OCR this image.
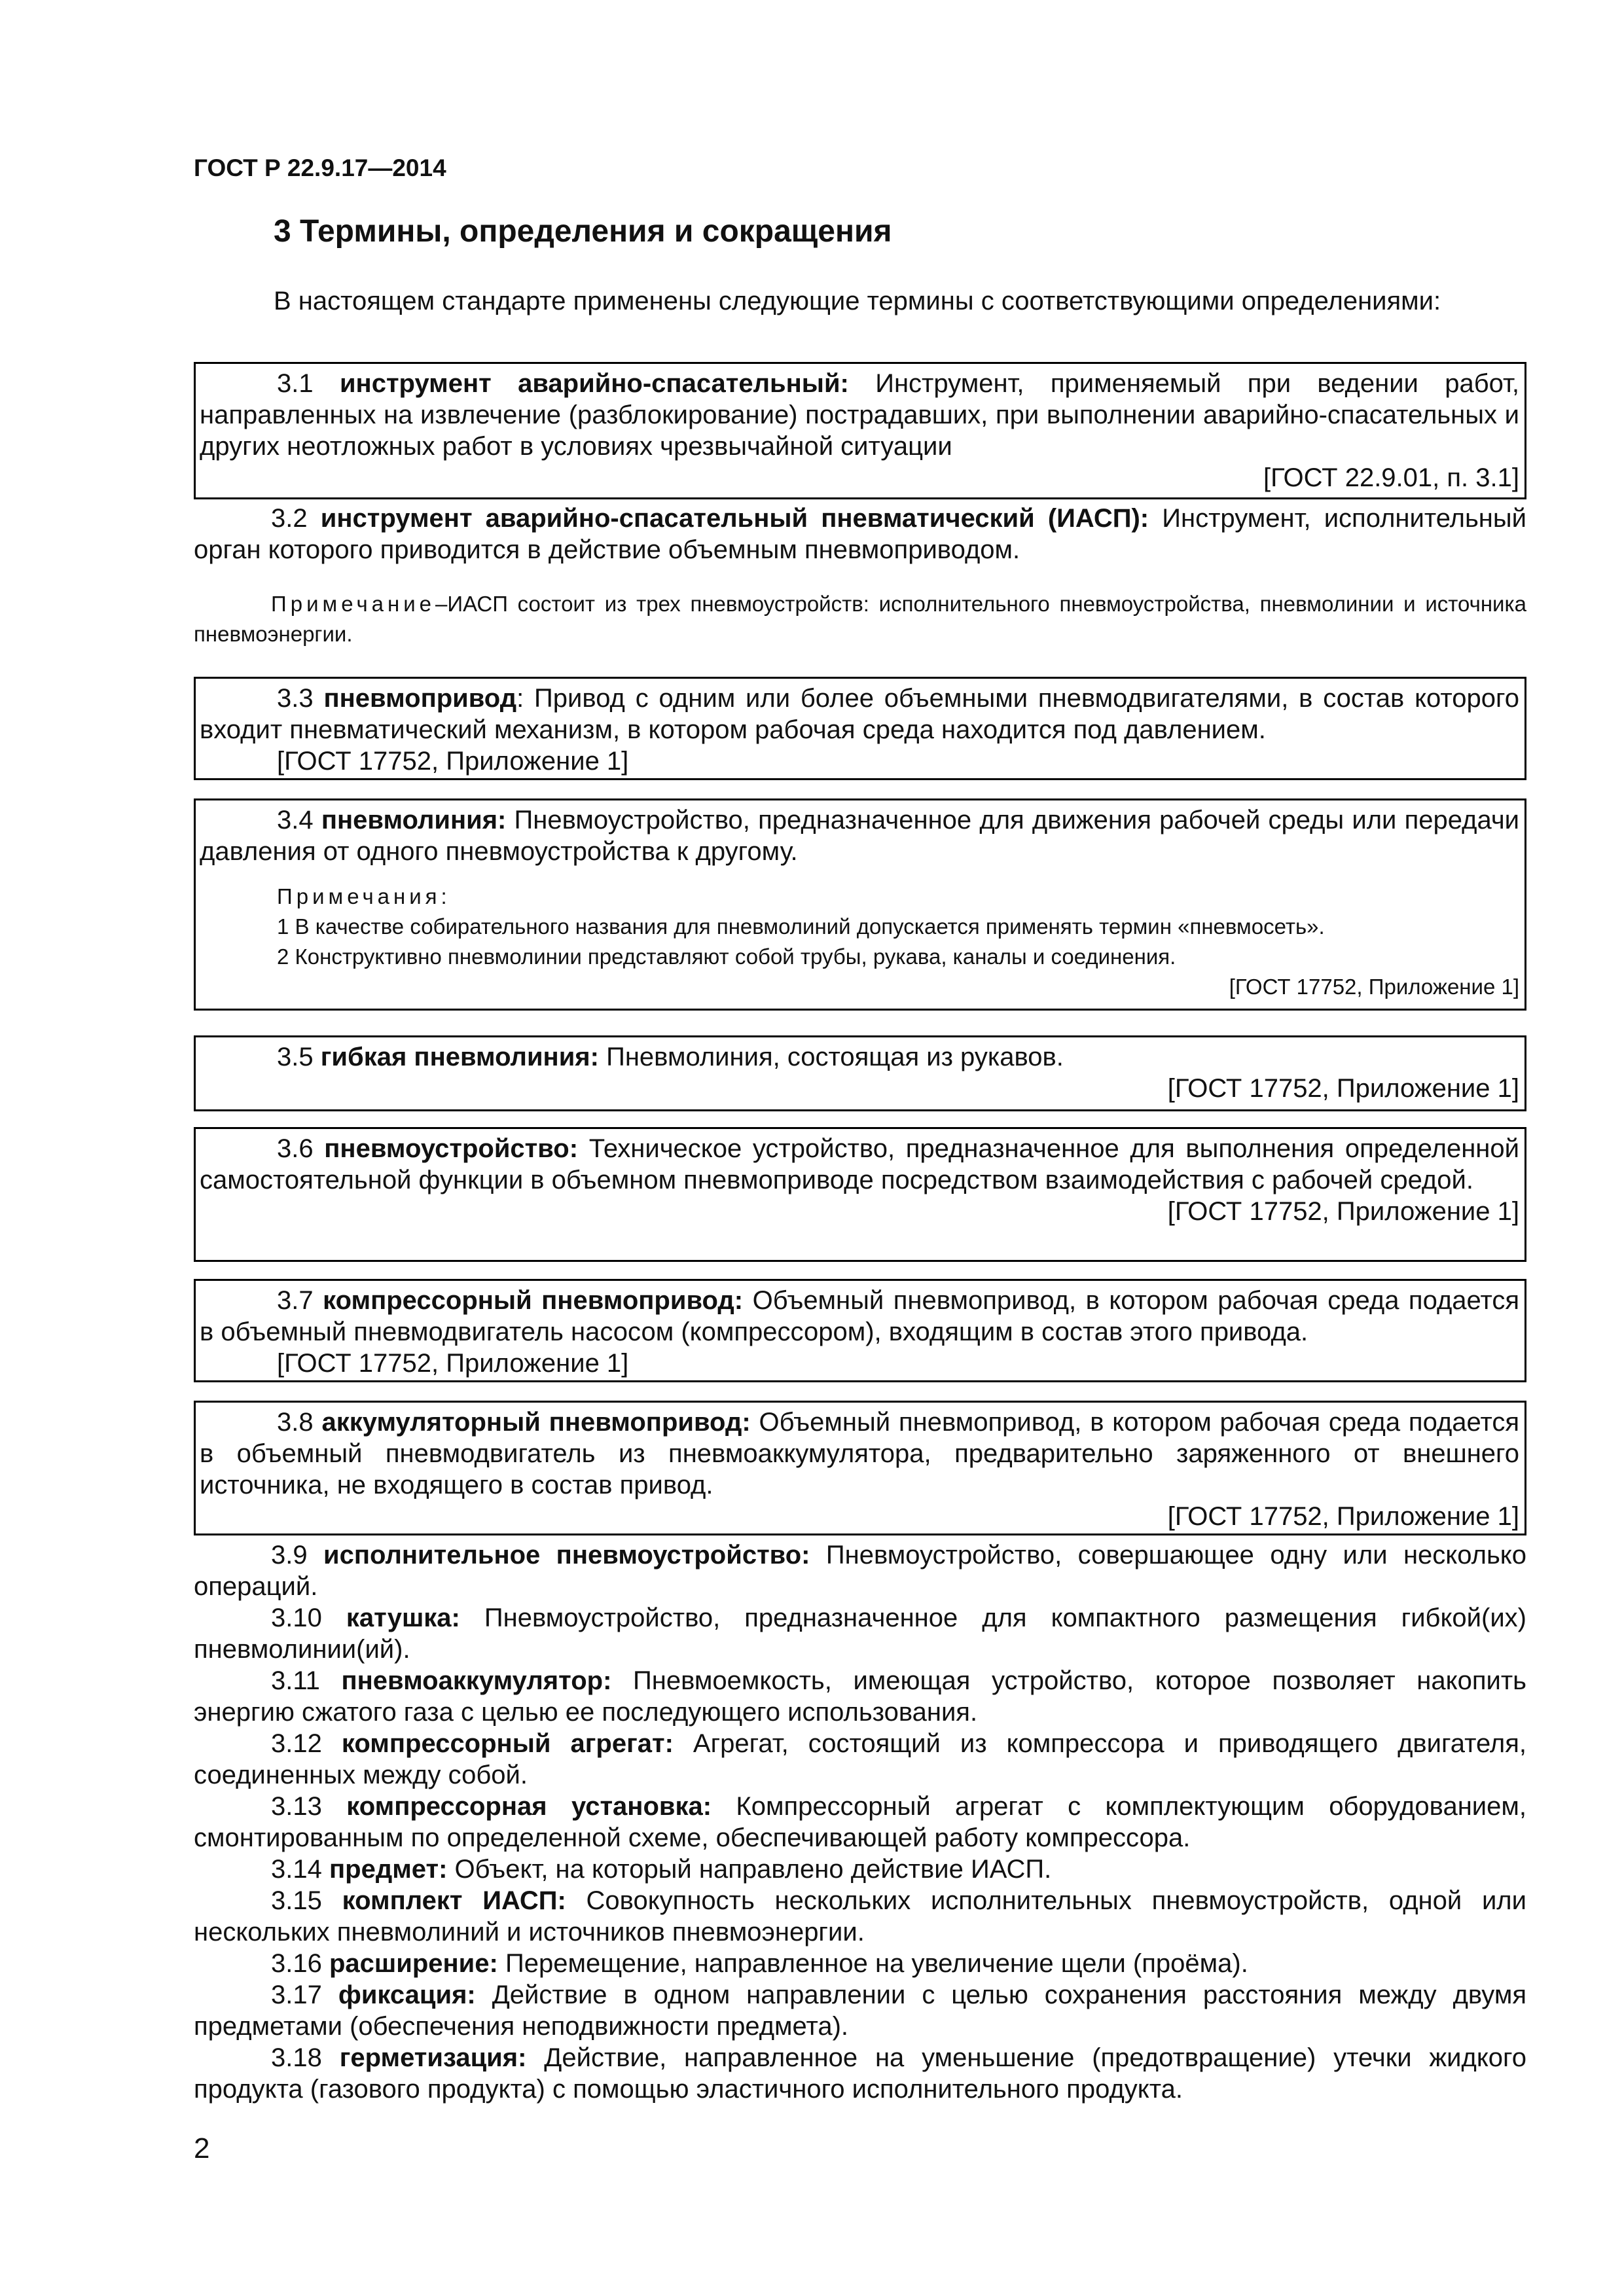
ГОСТ Р 22.9.17—2014
3 Термины, определения и сокращения
В настоящем стандарте применены следующие термины с соответствующими определениями:
3.1 инструмент аварийно-спасательный: Инструмент, применяемый при ведении работ, направленных на извлечение (разблокирование) пострадавших, при выполнении аварийно-спасательных и других неотложных работ в условиях чрезвычайной ситуации
[ГОСТ 22.9.01, п. 3.1]
3.2 инструмент аварийно-спасательный пневматический (ИАСП): Инструмент, исполнительный орган которого приводится в действие объемным пневмоприводом.
Примечание–ИАСП состоит из трех пневмоустройств: исполнительного пневмоустройства, пневмолинии и источника пневмоэнергии.
3.3 пневмопривод: Привод с одним или более объемными пневмодвигателями, в состав которого входит пневматический механизм, в котором рабочая среда находится под давлением.
[ГОСТ 17752, Приложение 1]
3.4 пневмолиния: Пневмоустройство, предназначенное для движения рабочей среды или передачи давления от одного пневмоустройства к другому.
Примечания:
1 В качестве собирательного названия для пневмолиний допускается применять термин «пневмосеть».
2 Конструктивно пневмолинии представляют собой трубы, рукава, каналы и соединения.
[ГОСТ 17752, Приложение 1]
3.5 гибкая пневмолиния: Пневмолиния, состоящая из рукавов.
[ГОСТ 17752, Приложение 1]
3.6 пневмоустройство: Техническое устройство, предназначенное для выполнения определенной самостоятельной функции в объемном пневмоприводе посредством взаимодействия с рабочей средой.
[ГОСТ 17752, Приложение 1]
3.7 компрессорный пневмопривод: Объемный пневмопривод, в котором рабочая среда подается в объемный пневмодвигатель насосом (компрессором), входящим в состав этого привода.
[ГОСТ 17752, Приложение 1]
3.8 аккумуляторный пневмопривод: Объемный пневмопривод, в котором рабочая среда подается в объемный пневмодвигатель из пневмоаккумулятора, предварительно заряженного от внешнего источника, не входящего в состав привод.
[ГОСТ 17752, Приложение 1]
3.9 исполнительное пневмоустройство: Пневмоустройство, совершающее одну или несколько операций.
3.10 катушка: Пневмоустройство, предназначенное для компактного размещения гибкой(их) пневмолинии(ий).
3.11 пневмоаккумулятор: Пневмоемкость, имеющая устройство, которое позволяет накопить энергию сжатого газа с целью ее последующего использования.
3.12 компрессорный агрегат: Агрегат, состоящий из компрессора и приводящего двигателя, соединенных между собой.
3.13 компрессорная установка: Компрессорный агрегат с комплектующим оборудованием, смонтированным по определенной схеме, обеспечивающей работу компрессора.
3.14 предмет: Объект, на который направлено действие ИАСП.
3.15 комплект ИАСП: Совокупность нескольких исполнительных пневмоустройств, одной или нескольких пневмолиний и источников пневмоэнергии.
3.16 расширение: Перемещение, направленное на увеличение щели (проёма).
3.17 фиксация: Действие в одном направлении с целью сохранения расстояния между двумя предметами (обеспечения неподвижности предмета).
3.18 герметизация: Действие, направленное на уменьшение (предотвращение) утечки жидкого продукта (газового продукта) с помощью эластичного исполнительного продукта.
2
